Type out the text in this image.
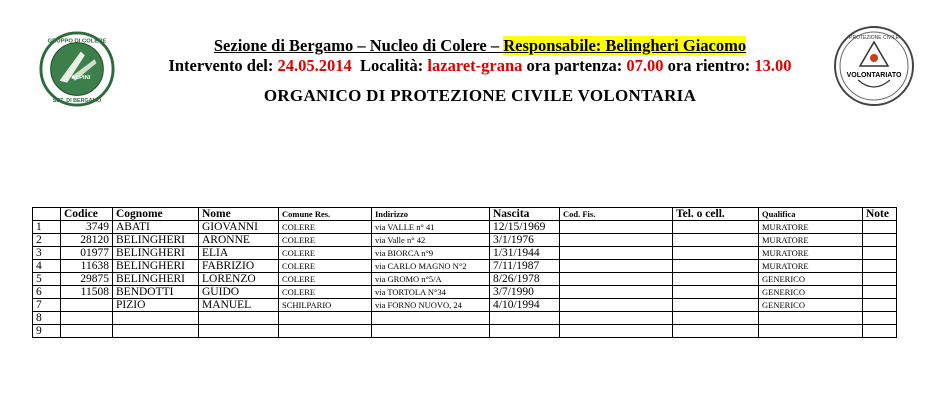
GRUPPO DI COLERE
ALPINI
SEZ. DI BERGAMO
PROTEZIONE CIVILE
VOLONTARIATO
Sezione di Bergamo – Nucleo di Colere – Responsabile: Belingheri Giacomo
Intervento del: 24.05.2014  Località: lazaret-grana ora partenza: 07.00 ora rientro: 13.00
ORGANICO DI PROTEZIONE CIVILE VOLONTARIA
	Codice	Cognome	Nome	Comune Res.	Indirizzo	Nascita	Cod. Fis.	Tel. o cell.	Qualifica	Note
1	3749	ABATI	GIOVANNI	COLERE	via VALLE n° 41	12/15/1969			MURATORE	
2	28120	BELINGHERI	ARONNE	COLERE	via Valle n° 42	3/1/1976			MURATORE	
3	01977	BELINGHERI	ELIA	COLERE	via BIORCA n°9	1/31/1944			MURATORE	
4	11638	BELINGHERI	FABRIZIO	COLERE	via CARLO MAGNO N°2	7/11/1987			MURATORE	
5	29875	BELINGHERI	LORENZO	COLERE	via GROMO n°5/A	8/26/1978			GENERICO	
6	11508	BENDOTTI	GUIDO	COLERE	via TORTOLA N°34	3/7/1990			GENERICO	
7		PIZIO	MANUEL	SCHILPARIO	via FORNO NUOVO, 24	4/10/1994			GENERICO	
8										
9										
